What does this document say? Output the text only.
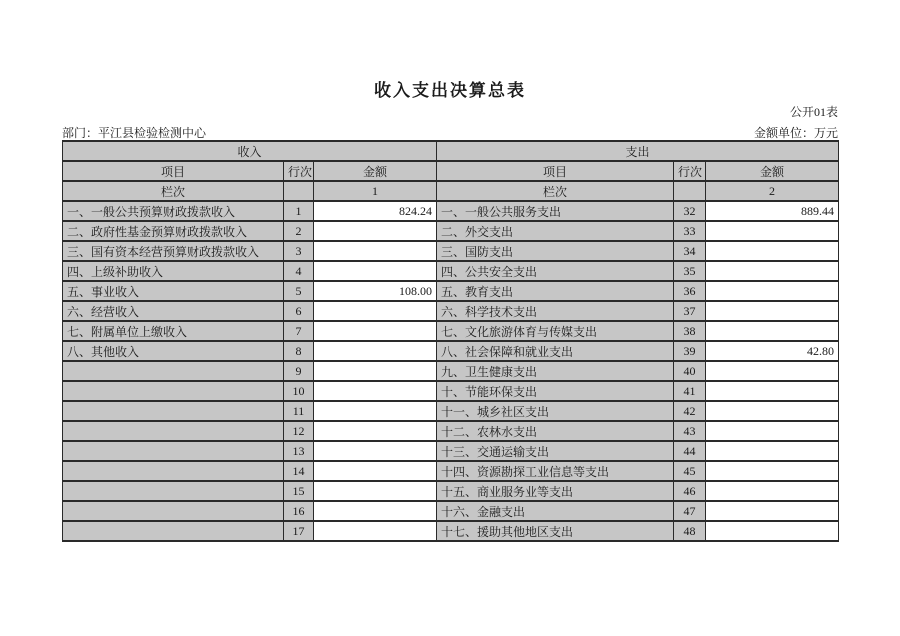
收入支出决算总表
公开01表
部门：平江县检验检测中心	金额单位：万元
收入			支出		
项目	行次	金额	项目	行次	金额
栏次		1	栏次		2
一、一般公共预算财政拨款收入	1	824.24	一、一般公共服务支出	32	889.44
二、政府性基金预算财政拨款收入	2		二、外交支出	33	
三、国有资本经营预算财政拨款收入	3		三、国防支出	34	
四、上级补助收入	4		四、公共安全支出	35	
五、事业收入	5	108.00	五、教育支出	36	
六、经营收入	6		六、科学技术支出	37	
七、附属单位上缴收入	7		七、文化旅游体育与传媒支出	38	
八、其他收入	8		八、社会保障和就业支出	39	42.80
	9		九、卫生健康支出	40	
	10		十、节能环保支出	41	
	11		十一、城乡社区支出	42	
	12		十二、农林水支出	43	
	13		十三、交通运输支出	44	
	14		十四、资源勘探工业信息等支出	45	
	15		十五、商业服务业等支出	46	
	16		十六、金融支出	47	
	17		十七、援助其他地区支出	48	
